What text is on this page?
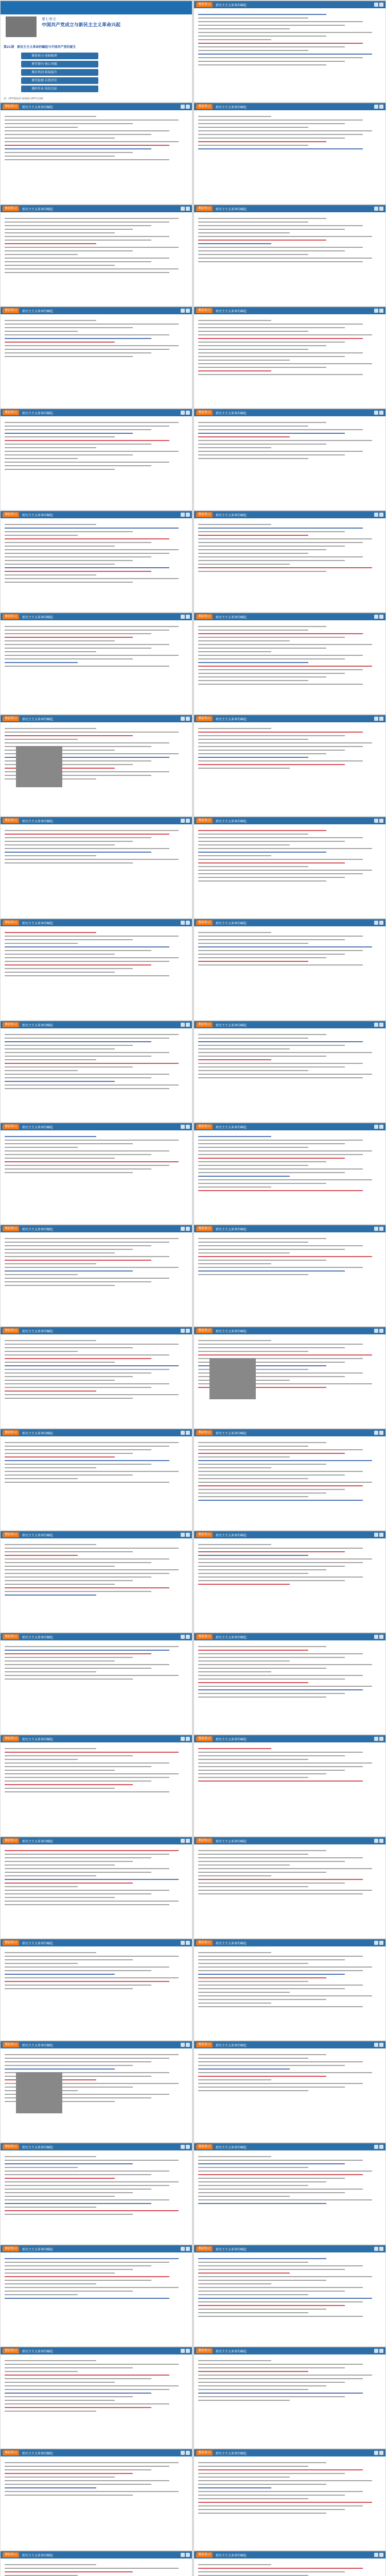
第七单元
中国共产党成立与新民主主义革命兴起
第21课　新民主主义革命的崛起与中国共产党的诞生
第一PPT模板网 WWW.1PPT.COM
课前预习·基础梳理
课堂探究·核心突破
课后巩固·拓展提升
课堂检测·自我评价
课时作业·知识达标
课前预习	新民主主义革命的崛起
课前预习	新民主主义革命的崛起	课前预习	新民主主义革命的崛起
课前预习	新民主主义革命的崛起	课前预习	新民主主义革命的崛起
课前预习	新民主主义革命的崛起	课前预习	新民主主义革命的崛起
课前预习	新民主主义革命的崛起	课前预习	新民主主义革命的崛起
课前预习	新民主主义革命的崛起	课前预习	新民主主义革命的崛起
课前预习	新民主主义革命的崛起	课前预习	新民主主义革命的崛起
课前预习	新民主主义革命的崛起	课前预习	新民主主义革命的崛起
课前预习	新民主主义革命的崛起	课前预习	新民主主义革命的崛起
课前预习	新民主主义革命的崛起	课前预习	新民主主义革命的崛起
课前预习	新民主主义革命的崛起	课前预习	新民主主义革命的崛起
课前预习	新民主主义革命的崛起	课前预习	新民主主义革命的崛起
课前预习	新民主主义革命的崛起	课前预习	新民主主义革命的崛起
课前预习	新民主主义革命的崛起	课前预习	新民主主义革命的崛起
课前预习	新民主主义革命的崛起	课前预习	新民主主义革命的崛起
课前预习	新民主主义革命的崛起	课前预习	新民主主义革命的崛起
课前预习	新民主主义革命的崛起	课前预习	新民主主义革命的崛起
课前预习	新民主主义革命的崛起	课前预习	新民主主义革命的崛起
课前预习	新民主主义革命的崛起	课前预习	新民主主义革命的崛起
课前预习	新民主主义革命的崛起	课前预习	新民主主义革命的崛起
课前预习	新民主主义革命的崛起	课前预习	新民主主义革命的崛起
课前预习	新民主主义革命的崛起	课前预习	新民主主义革命的崛起
课前预习	新民主主义革命的崛起	课前预习	新民主主义革命的崛起
课前预习	新民主主义革命的崛起	课前预习	新民主主义革命的崛起
课前预习	新民主主义革命的崛起	课前预习	新民主主义革命的崛起
课前预习	新民主主义革命的崛起	课前预习	新民主主义革命的崛起
